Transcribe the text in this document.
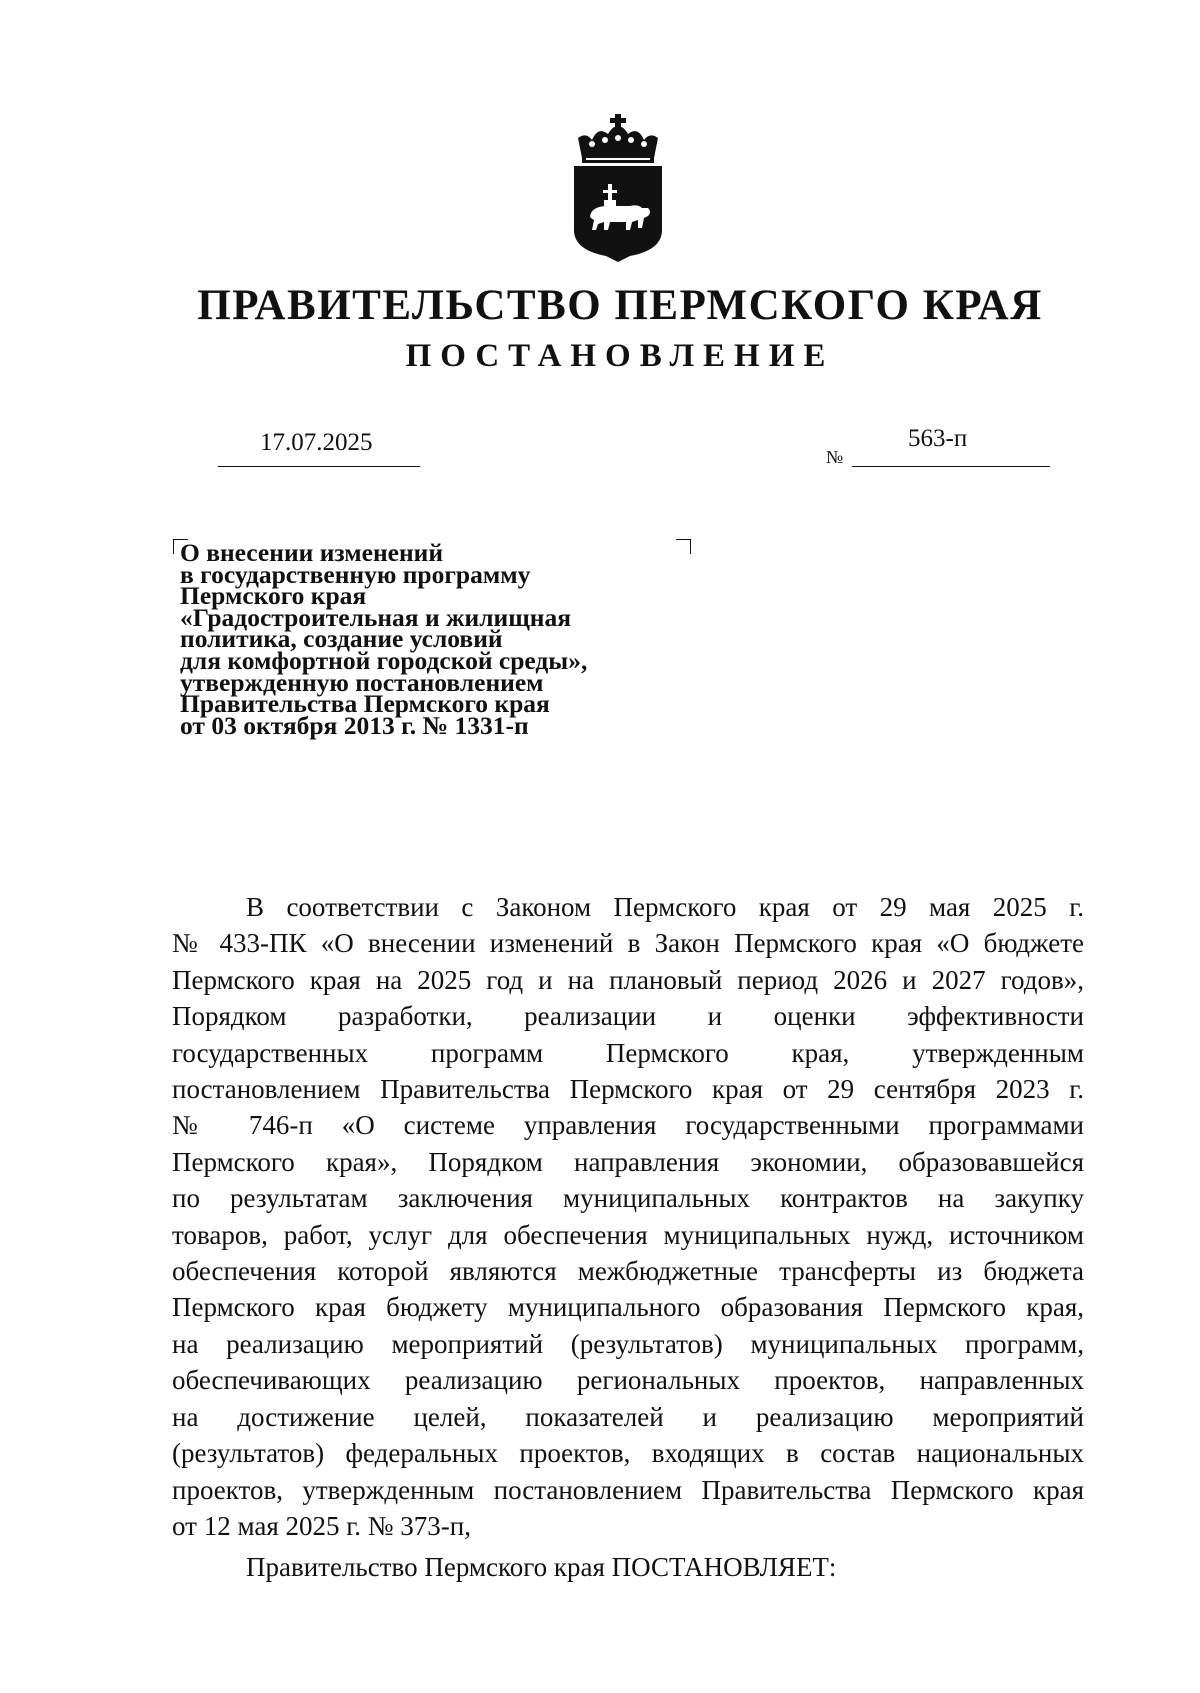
ПРАВИТЕЛЬСТВО ПЕРМСКОГО КРАЯ
ПОСТАНОВЛЕНИЕ
17.07.2025
№
563-п
О внесении изменений
в государственную программу
Пермского края
«Градостроительная и жилищная
политика, создание условий
для комфортной городской среды»,
утвержденную постановлением
Правительства Пермского края
от 03 октября 2013 г. № 1331-п
В соответствии с Законом Пермского края от 29 мая 2025 г.
№ 433-ПК «О внесении изменений в Закон Пермского края «О бюджете
Пермского края на 2025 год и на плановый период 2026 и 2027 годов»,
Порядком разработки, реализации и оценки эффективности
государственных программ Пермского края, утвержденным
постановлением Правительства Пермского края от 29 сентября 2023 г.
№ 746-п «О системе управления государственными программами
Пермского края», Порядком направления экономии, образовавшейся
по результатам заключения муниципальных контрактов на закупку
товаров, работ, услуг для обеспечения муниципальных нужд, источником
обеспечения которой являются межбюджетные трансферты из бюджета
Пермского края бюджету муниципального образования Пермского края,
на реализацию мероприятий (результатов) муниципальных программ,
обеспечивающих реализацию региональных проектов, направленных
на достижение целей, показателей и реализацию мероприятий
(результатов) федеральных проектов, входящих в состав национальных
проектов, утвержденным постановлением Правительства Пермского края
от 12 мая 2025 г. № 373-п,
Правительство Пермского края ПОСТАНОВЛЯЕТ:
